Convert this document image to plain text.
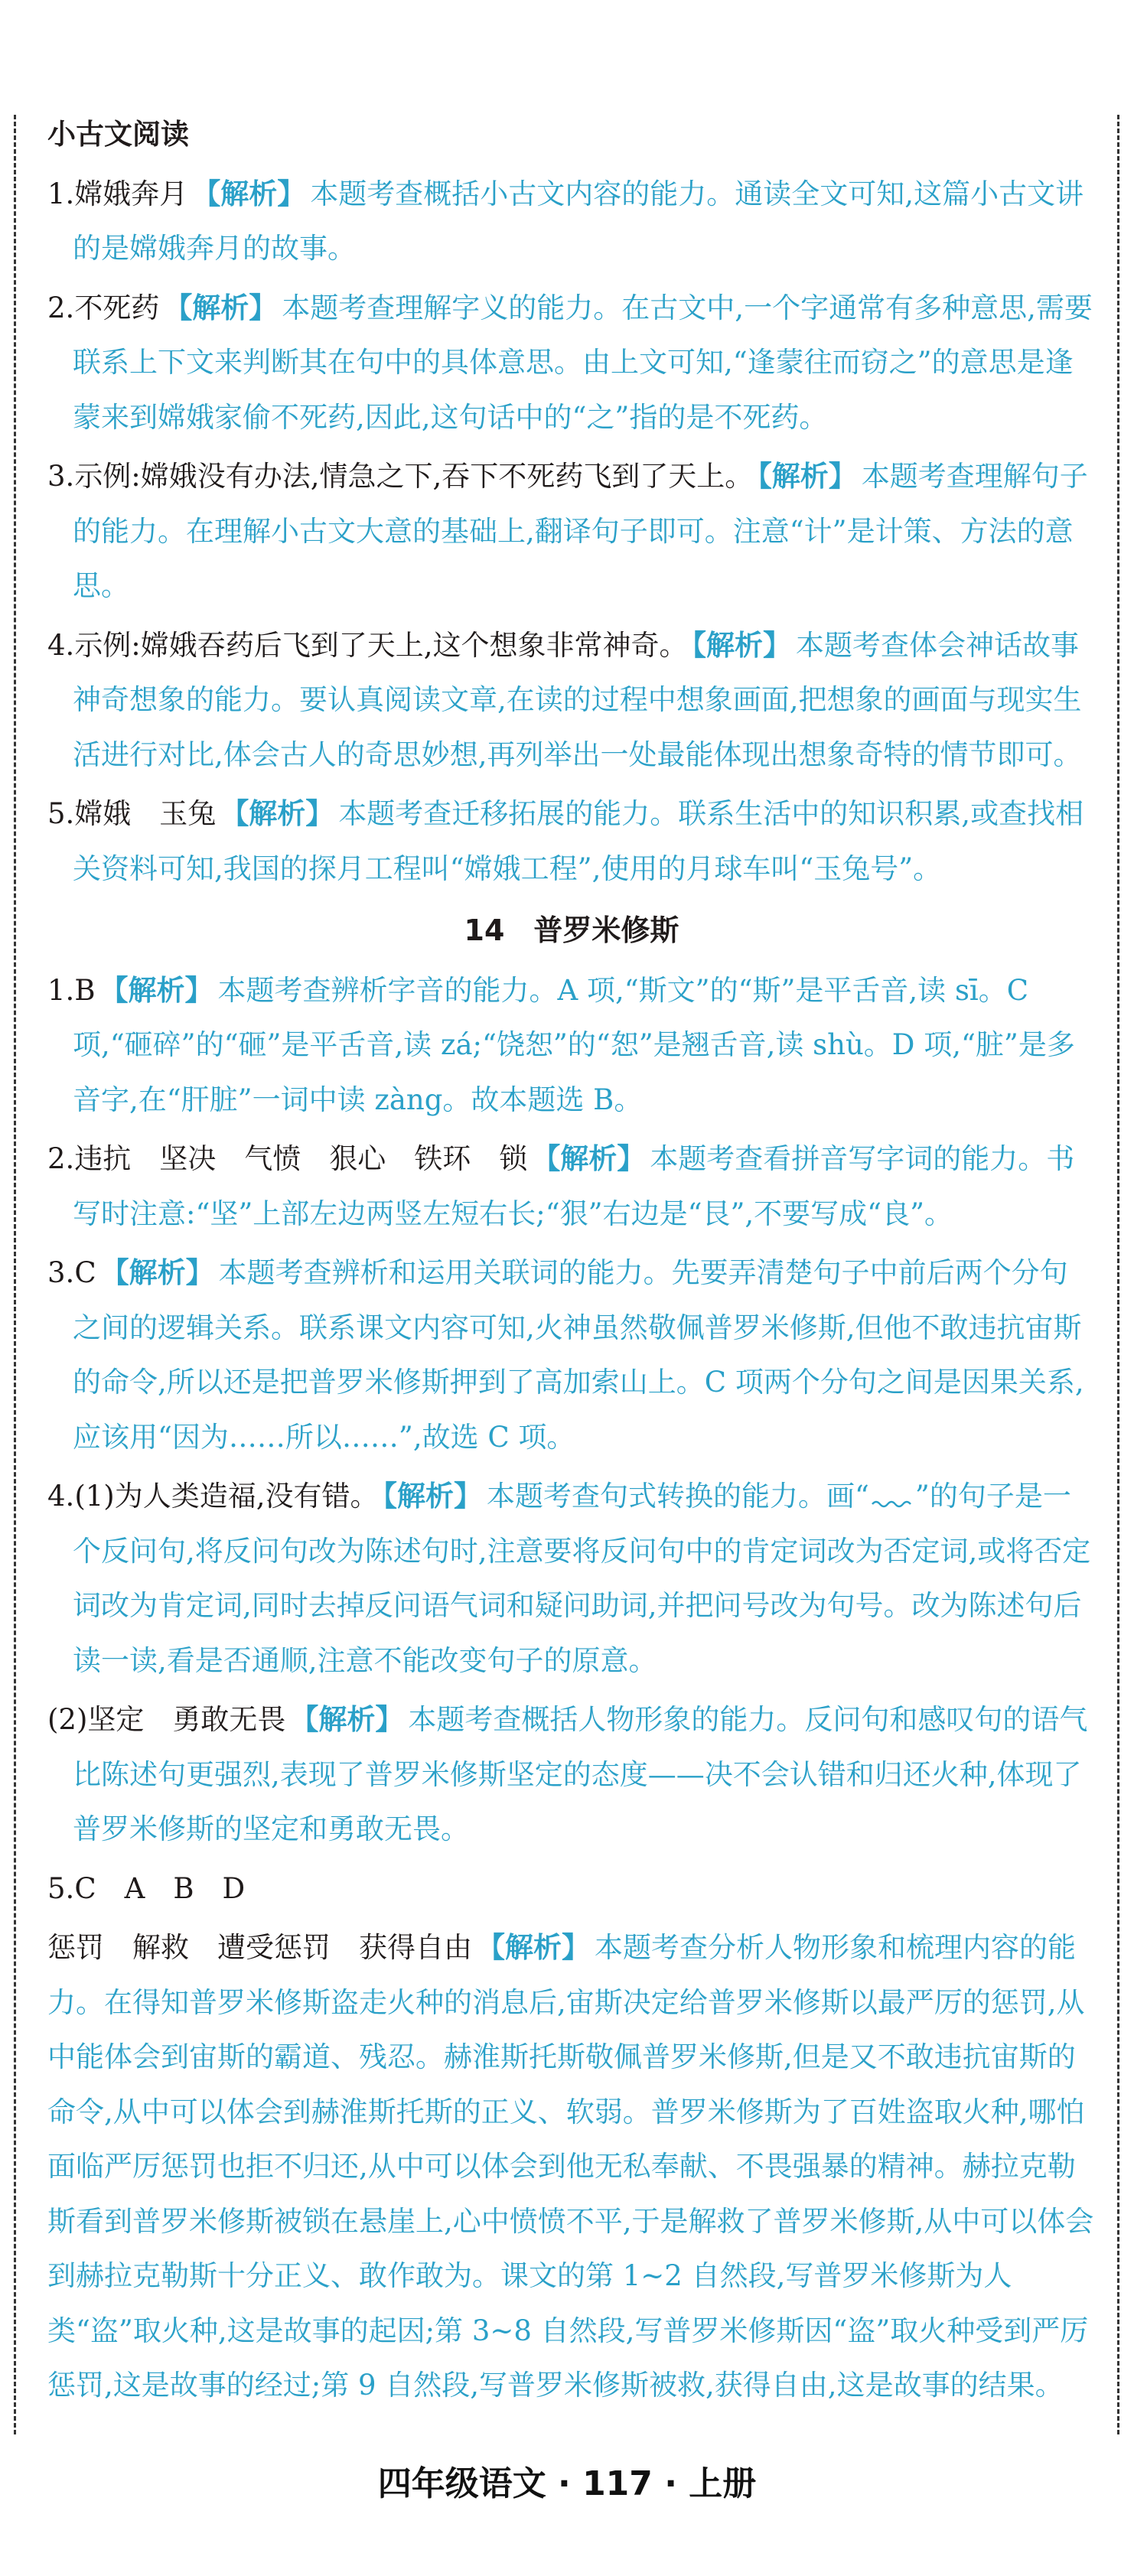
小古文阅读
1.嫦娥奔月 【解析】 本题考查概括小古文内容的能力。通读全文可知,这篇小古文讲的是嫦娥奔月的故事。
2.不死药 【解析】 本题考查理解字义的能力。在古文中,一个字通常有多种意思,需要联系上下文来判断其在句中的具体意思。由上文可知,“逢蒙往而窃之”的意思是逢蒙来到嫦娥家偷不死药,因此,这句话中的“之”指的是不死药。
3.示例:嫦娥没有办法,情急之下,吞下不死药飞到了天上。 【解析】 本题考查理解句子的能力。在理解小古文大意的基础上,翻译句子即可。注意“计”是计策、方法的意思。
4.示例:嫦娥吞药后飞到了天上,这个想象非常神奇。 【解析】 本题考查体会神话故事神奇想象的能力。要认真阅读文章,在读的过程中想象画面,把想象的画面与现实生活进行对比,体会古人的奇思妙想,再列举出一处最能体现出想象奇特的情节即可。
5.嫦娥　玉兔 【解析】 本题考查迁移拓展的能力。联系生活中的知识积累,或查找相关资料可知,我国的探月工程叫“嫦娥工程”,使用的月球车叫“玉兔号”。
14　普罗米修斯
1.B 【解析】 本题考查辨析字音的能力。A 项,“斯文”的“斯”是平舌音,读 sī。C 项,“砸碎”的“砸”是平舌音,读 zá;“饶恕”的“恕”是翘舌音,读 shù。D 项,“脏”是多音字,在“肝脏”一词中读 zàng。故本题选 B。
2.违抗　坚决　气愤　狠心　铁环　锁 【解析】 本题考查看拼音写字词的能力。书写时注意:“坚”上部左边两竖左短右长;“狠”右边是“艮”,不要写成“良”。
3.C 【解析】 本题考查辨析和运用关联词的能力。先要弄清楚句子中前后两个分句之间的逻辑关系。联系课文内容可知,火神虽然敬佩普罗米修斯,但他不敢违抗宙斯的命令,所以还是把普罗米修斯押到了高加索山上。C 项两个分句之间是因果关系,应该用“因为……所以……”,故选 C 项。
4.(1)为人类造福,没有错。 【解析】 本题考查句式转换的能力。画“ ”的句子是一个反问句,将反问句改为陈述句时,注意要将反问句中的肯定词改为否定词,或将否定词改为肯定词,同时去掉反问语气词和疑问助词,并把问号改为句号。改为陈述句后读一读,看是否通顺,注意不能改变句子的原意。
(2)坚定　勇敢无畏 【解析】 本题考查概括人物形象的能力。反问句和感叹句的语气比陈述句更强烈,表现了普罗米修斯坚定的态度——决不会认错和归还火种,体现了普罗米修斯的坚定和勇敢无畏。
5.C　A　B　D
惩罚　解救　遭受惩罚　获得自由 【解析】 本题考查分析人物形象和梳理内容的能力。在得知普罗米修斯盗走火种的消息后,宙斯决定给普罗米修斯以最严厉的惩罚,从中能体会到宙斯的霸道、残忍。赫淮斯托斯敬佩普罗米修斯,但是又不敢违抗宙斯的命令,从中可以体会到赫淮斯托斯的正义、软弱。普罗米修斯为了百姓盗取火种,哪怕面临严厉惩罚也拒不归还,从中可以体会到他无私奉献、不畏强暴的精神。赫拉克勒斯看到普罗米修斯被锁在悬崖上,心中愤愤不平,于是解救了普罗米修斯,从中可以体会到赫拉克勒斯十分正义、敢作敢为。课文的第 1~2 自然段,写普罗米修斯为人类“盗”取火种,这是故事的起因;第 3~8 自然段,写普罗米修斯因“盗”取火种受到严厉惩罚,这是故事的经过;第 9 自然段,写普罗米修斯被救,获得自由,这是故事的结果。
四年级语文 · 117 · 上册
